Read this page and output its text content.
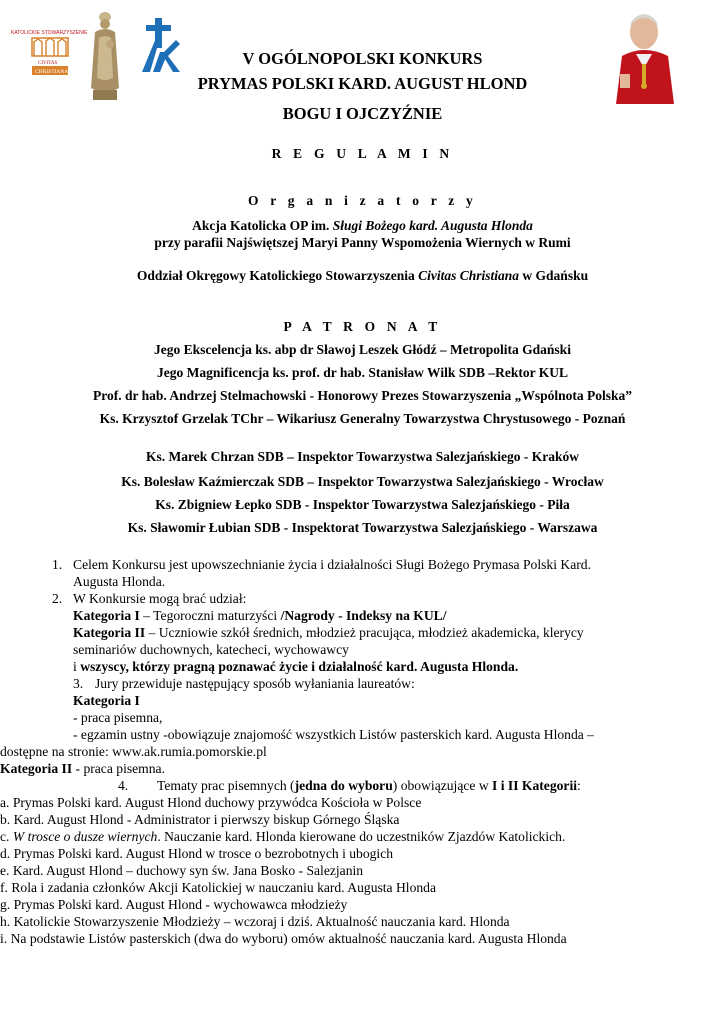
KATOLICKIE STOWARZYSZENIE
CIVITAS
CHRISTIANA
V OGÓLNOPOLSKI KONKURS
PRYMAS POLSKI KARD. AUGUST HLOND
BOGU I OJCZYŹNIE
R E G U L A M I N
O r g a n i z a t o r z y
Akcja Katolicka OP im. Sługi Bożego kard. Augusta Hlonda
przy parafii Najświętszej Maryi Panny Wspomożenia Wiernych w Rumi
Oddział Okręgowy Katolickiego Stowarzyszenia Civitas Christiana w Gdańsku
P A T R O N A T
Jego Ekscelencja ks. abp dr Sławoj Leszek Głódź – Metropolita Gdański
Jego Magnificencja ks. prof. dr hab. Stanisław Wilk SDB –Rektor KUL
Prof. dr hab. Andrzej Stelmachowski - Honorowy Prezes Stowarzyszenia „Wspólnota Polska”
Ks. Krzysztof Grzelak TChr – Wikariusz Generalny Towarzystwa Chrystusowego - Poznań
Ks. Marek Chrzan SDB – Inspektor Towarzystwa Salezjańskiego - Kraków
Ks. Bolesław Kaźmierczak SDB – Inspektor Towarzystwa Salezjańskiego - Wrocław
Ks. Zbigniew Łepko SDB - Inspektor Towarzystwa Salezjańskiego - Piła
Ks. Sławomir Łubian SDB - Inspektorat Towarzystwa Salezjańskiego - Warszawa
1. Celem Konkursu jest upowszechnianie życia i działalności Sługi Bożego Prymasa Polski Kard.
Augusta Hlonda.
2. W Konkursie mogą brać udział:
Kategoria I – Tegoroczni maturzyści /Nagrody - Indeksy na KUL/
Kategoria II – Uczniowie szkół średnich, młodzież pracująca, młodzież akademicka, klerycy
seminariów duchownych, katecheci, wychowawcy
i wszyscy, którzy pragną poznawać życie i działalność kard. Augusta Hlonda.
3. Jury przewiduje następujący sposób wyłaniania laureatów:
Kategoria I
- praca pisemna,
- egzamin ustny -obowiązuje znajomość wszystkich Listów pasterskich kard. Augusta Hlonda –
dostępne na stronie: www.ak.rumia.pomorskie.pl
Kategoria II - praca pisemna.
4. Tematy prac pisemnych (jedna do wyboru) obowiązujące w I i II Kategorii:
a. Prymas Polski kard. August Hlond duchowy przywódca Kościoła w Polsce
b. Kard. August Hlond - Administrator i pierwszy biskup Górnego Śląska
c. W trosce o dusze wiernych. Nauczanie kard. Hlonda kierowane do uczestników Zjazdów Katolickich.
d. Prymas Polski kard. August Hlond w trosce o bezrobotnych i ubogich
e. Kard. August Hlond – duchowy syn św. Jana Bosko - Salezjanin
f. Rola i zadania członków Akcji Katolickiej w nauczaniu kard. Augusta Hlonda
g. Prymas Polski kard. August Hlond - wychowawca młodzieży
h. Katolickie Stowarzyszenie Młodzieży – wczoraj i dziś. Aktualność nauczania kard. Hlonda
i. Na podstawie Listów pasterskich (dwa do wyboru) omów aktualność nauczania kard. Augusta Hlonda
